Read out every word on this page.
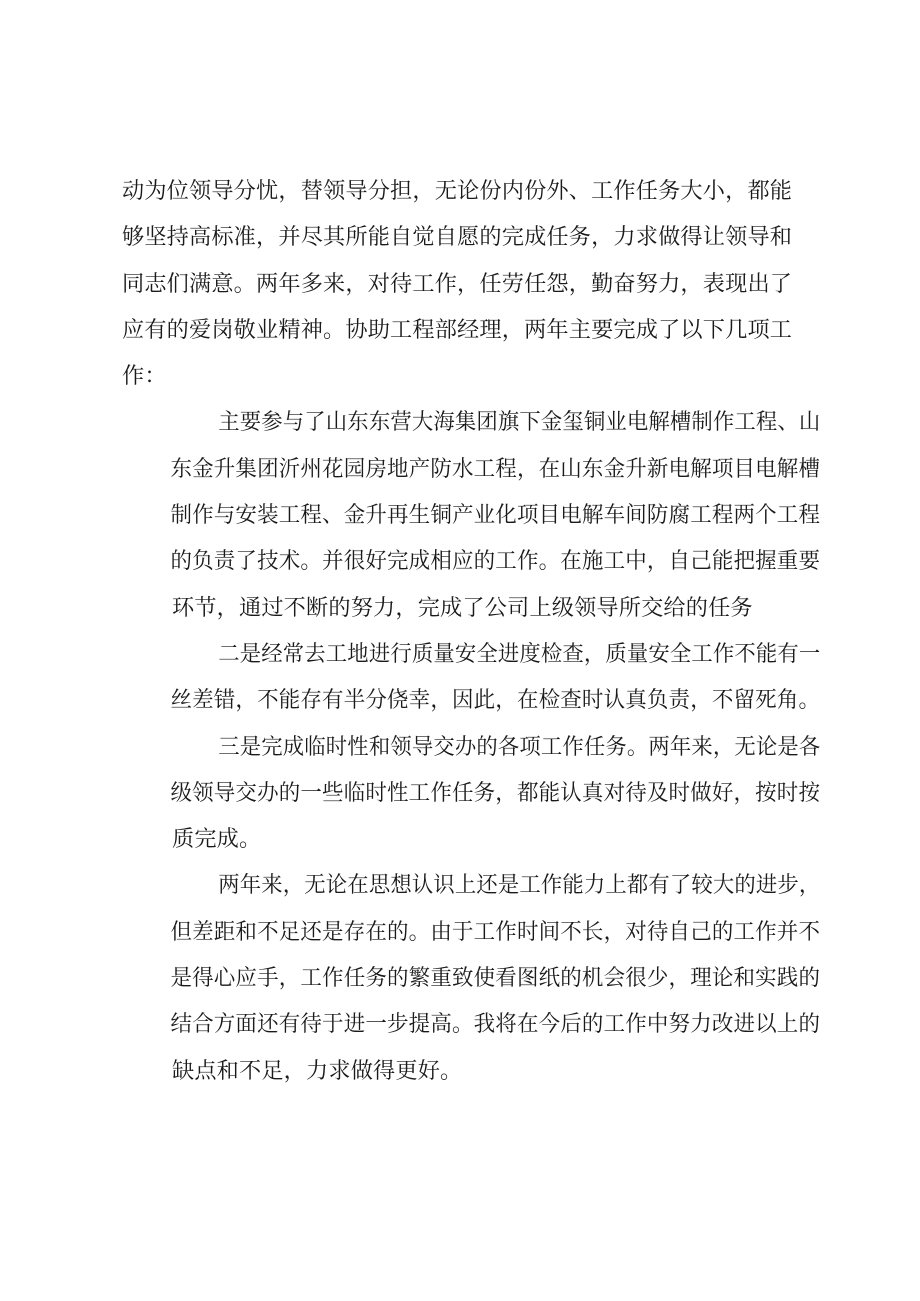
动为位领导分忧，替领导分担，无论份内份外、工作任务大小，都能
够坚持高标准，并尽其所能自觉自愿的完成任务，力求做得让领导和
同志们满意。两年多来，对待工作，任劳任怨，勤奋努力，表现出了
应有的爱岗敬业精神。协助工程部经理，两年主要完成了以下几项工
作：

主要参与了山东东营大海集团旗下金玺铜业电解槽制作工程、山
东金升集团沂州花园房地产防水工程，在山东金升新电解项目电解槽
制作与安装工程、金升再生铜产业化项目电解车间防腐工程两个工程
的负责了技术。并很好完成相应的工作。在施工中，自己能把握重要
环节，通过不断的努力，完成了公司上级领导所交给的任务

二是经常去工地进行质量安全进度检查，质量安全工作不能有一
丝差错，不能存有半分侥幸，因此，在检查时认真负责，不留死角。

三是完成临时性和领导交办的各项工作任务。两年来，无论是各
级领导交办的一些临时性工作任务，都能认真对待及时做好，按时按
质完成。

两年来，无论在思想认识上还是工作能力上都有了较大的进步，
但差距和不足还是存在的。由于工作时间不长，对待自己的工作并不
是得心应手，工作任务的繁重致使看图纸的机会很少，理论和实践的
结合方面还有待于进一步提高。我将在今后的工作中努力改进以上的
缺点和不足，力求做得更好。
